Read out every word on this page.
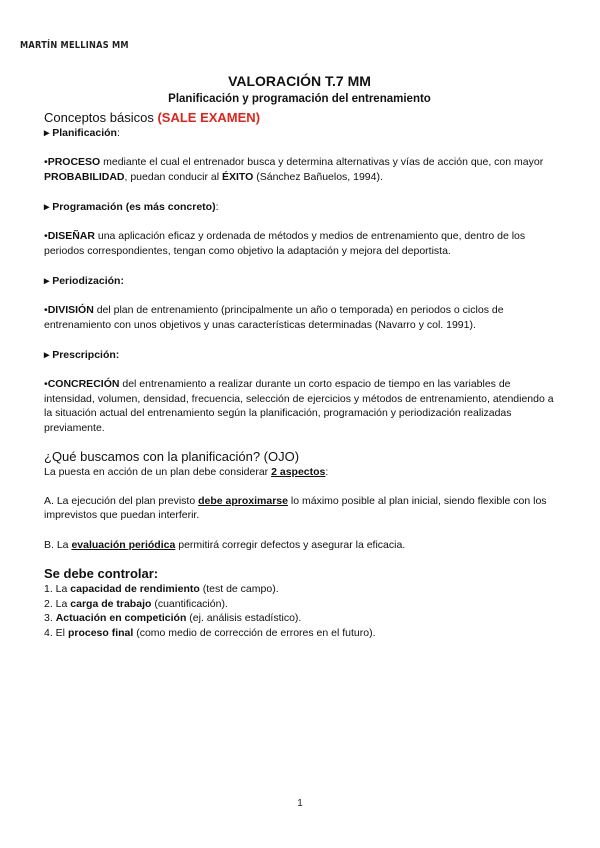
MARTÍN MELLINAS MM

VALORACIÓN T.7 MM

Planificación y programación del entrenamiento

Conceptos básicos (SALE EXAMEN)

▸ Planificación:

•PROCESO mediante el cual el entrenador busca y determina alternativas y vías de acción que, con mayor PROBABILIDAD, puedan conducir al ÉXITO (Sánchez Bañuelos, 1994).

▸ Programación (es más concreto):

•DISEÑAR una aplicación eficaz y ordenada de métodos y medios de entrenamiento que, dentro de los periodos correspondientes, tengan como objetivo la adaptación y mejora del deportista.

▸ Periodización:

•DIVISIÓN del plan de entrenamiento (principalmente un año o temporada) en periodos o ciclos de entrenamiento con unos objetivos y unas características determinadas (Navarro y col. 1991).

▸ Prescripción:

•CONCRECIÓN del entrenamiento a realizar durante un corto espacio de tiempo en las variables de intensidad, volumen, densidad, frecuencia, selección de ejercicios y métodos de entrenamiento, atendiendo a la situación actual del entrenamiento según la planificación, programación y periodización realizadas previamente.

¿Qué buscamos con la planificación? (OJO)

La puesta en acción de un plan debe considerar 2 aspectos:

A. La ejecución del plan previsto debe aproximarse lo máximo posible al plan inicial, siendo flexible con los imprevistos que puedan interferir.

B. La evaluación periódica permitirá corregir defectos y asegurar la eficacia.

Se debe controlar:

1. La capacidad de rendimiento (test de campo).

2. La carga de trabajo (cuantificación).

3. Actuación en competición (ej. análisis estadístico).

4. El proceso final (como medio de corrección de errores en el futuro).

1
